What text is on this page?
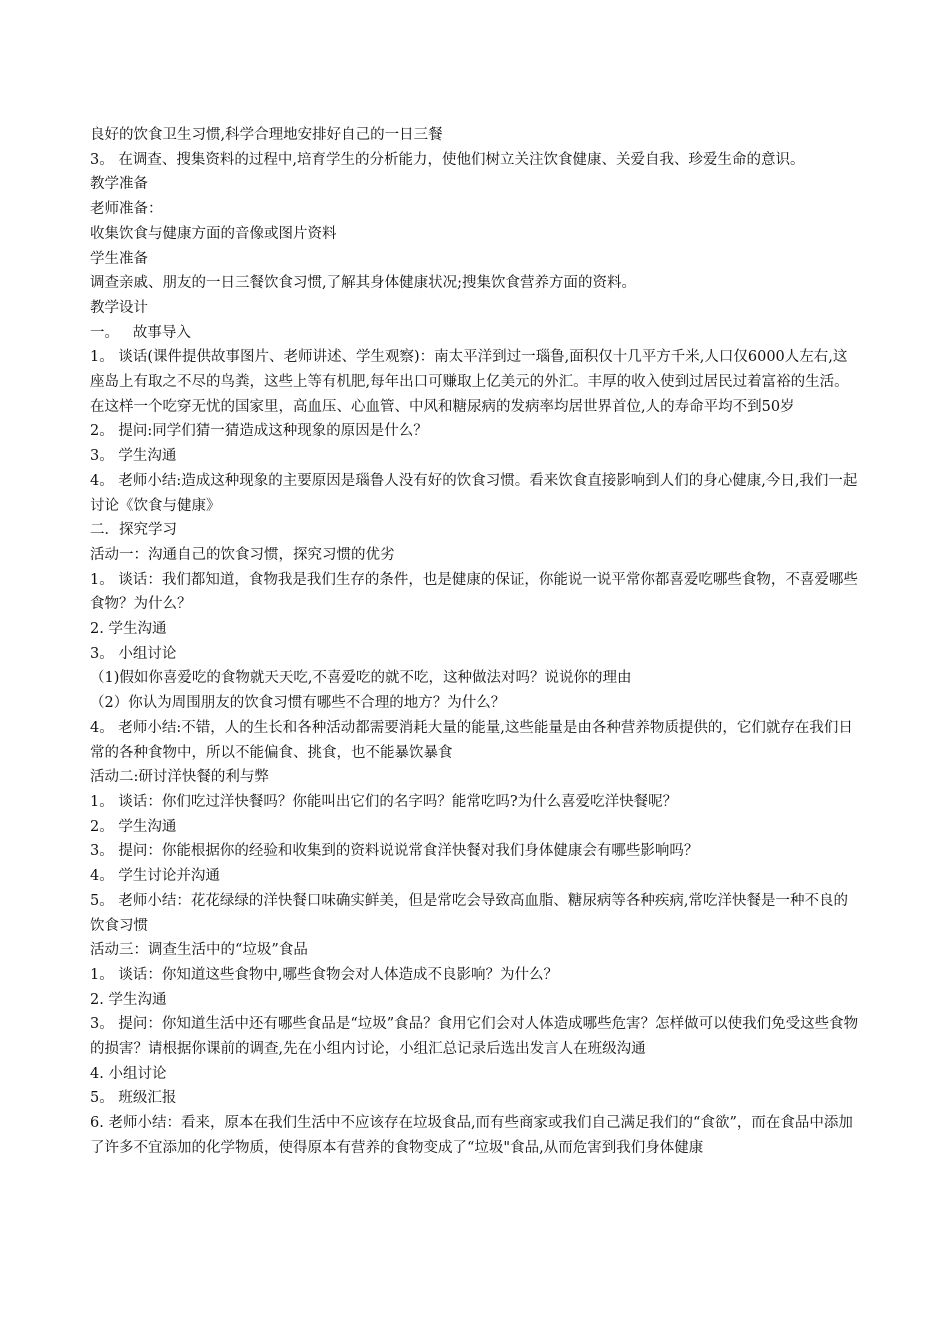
良好的饮食卫生习惯,科学合理地安排好自己的一日三餐

3。 在调查、搜集资料的过程中,培育学生的分析能力，使他们树立关注饮食健康、关爱自我、珍爱生命的意识。

教学准备

老师准备：

收集饮食与健康方面的音像或图片资料

学生准备

调查亲戚、朋友的一日三餐饮食习惯,了解其身体健康状况;搜集饮食营养方面的资料。

教学设计

一。   故事导入

1。 谈话(课件提供故事图片、老师讲述、学生观察)：南太平洋到过一瑙鲁,面积仅十几平方千米,人口仅6000人左右,这座岛上有取之不尽的鸟粪，这些上等有机肥,每年出口可赚取上亿美元的外汇。丰厚的收入使到过居民过着富裕的生活。在这样一个吃穿无忧的国家里，高血压、心血管、中风和糖尿病的发病率均居世界首位,人的寿命平均不到50岁

2。 提问:同学们猜一猜造成这种现象的原因是什么？

3。 学生沟通

4。 老师小结:造成这种现象的主要原因是瑙鲁人没有好的饮食习惯。看来饮食直接影响到人们的身心健康,今日,我们一起讨论《饮食与健康》

二．探究学习

活动一：沟通自己的饮食习惯，探究习惯的优劣

1。 谈话：我们都知道，食物我是我们生存的条件，也是健康的保证，你能说一说平常你都喜爱吃哪些食物，不喜爱哪些食物？为什么？

2. 学生沟通

3。 小组讨论

（1)假如你喜爱吃的食物就天天吃,不喜爱吃的就不吃，这种做法对吗？说说你的理由

（2）你认为周围朋友的饮食习惯有哪些不合理的地方？为什么？

4。 老师小结:不错，人的生长和各种活动都需要消耗大量的能量,这些能量是由各种营养物质提供的，它们就存在我们日常的各种食物中，所以不能偏食、挑食，也不能暴饮暴食

活动二:研讨洋快餐的利与弊

1。 谈话：你们吃过洋快餐吗？你能叫出它们的名字吗？能常吃吗?为什么喜爱吃洋快餐呢？

2。 学生沟通

3。 提问：你能根据你的经验和收集到的资料说说常食洋快餐对我们身体健康会有哪些影响吗？

4。 学生讨论并沟通

5。 老师小结：花花绿绿的洋快餐口味确实鲜美，但是常吃会导致高血脂、糖尿病等各种疾病,常吃洋快餐是一种不良的饮食习惯

活动三：调查生活中的“垃圾”食品

1。 谈话：你知道这些食物中,哪些食物会对人体造成不良影响？为什么？

2. 学生沟通

3。 提问：你知道生活中还有哪些食品是“垃圾”食品？食用它们会对人体造成哪些危害？怎样做可以使我们免受这些食物的损害？请根据你课前的调查,先在小组内讨论，小组汇总记录后选出发言人在班级沟通

4. 小组讨论

5。 班级汇报

6. 老师小结：看来，原本在我们生活中不应该存在垃圾食品,而有些商家或我们自己满足我们的“食欲”，而在食品中添加了许多不宜添加的化学物质，使得原本有营养的食物变成了“垃圾"食品,从而危害到我们身体健康
